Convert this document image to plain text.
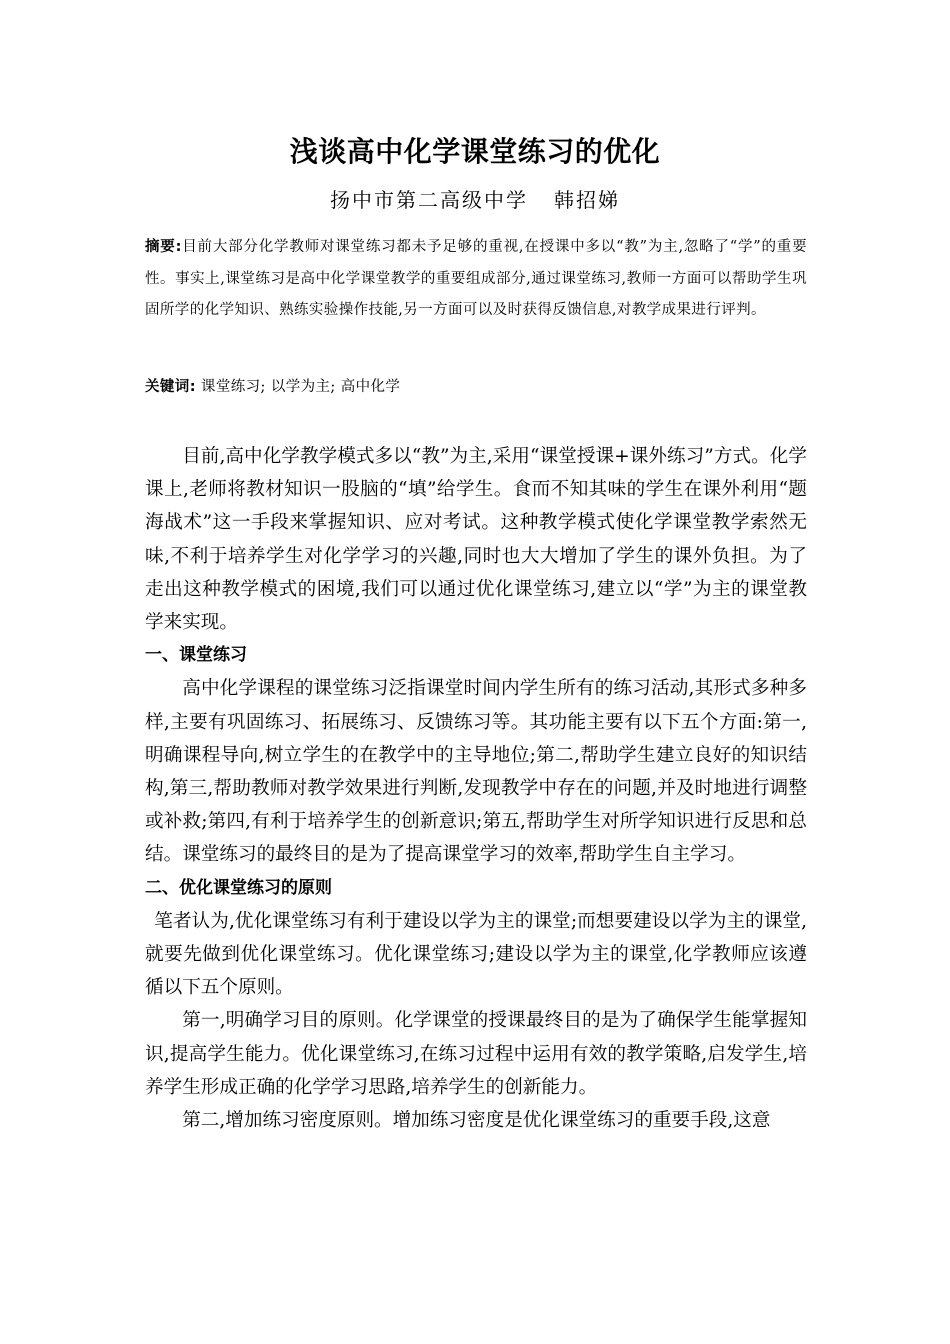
浅谈高中化学课堂练习的优化
扬中市第二高级中学 韩招娣
摘要:目前大部分化学教师对课堂练习都未予足够的重视,在授课中多以“教”为主,忽略了“学”的重要性。事实上,课堂练习是高中化学课堂教学的重要组成部分,通过课堂练习,教师一方面可以帮助学生巩固所学的化学知识、熟练实验操作技能,另一方面可以及时获得反馈信息,对教学成果进行评判。
关键词: 课堂练习; 以学为主; 高中化学

目前,高中化学教学模式多以“教”为主,采用“课堂授课+课外练习”方式。化学课上,老师将教材知识一股脑的“填”给学生。食而不知其味的学生在课外利用“题海战术”这一手段来掌握知识、应对考试。这种教学模式使化学课堂教学索然无味,不利于培养学生对化学学习的兴趣,同时也大大增加了学生的课外负担。为了走出这种教学模式的困境,我们可以通过优化课堂练习,建立以“学”为主的课堂教学来实现。

一、课堂练习

高中化学课程的课堂练习泛指课堂时间内学生所有的练习活动,其形式多种多样,主要有巩固练习、拓展练习、反馈练习等。其功能主要有以下五个方面:第一,明确课程导向,树立学生的在教学中的主导地位;第二,帮助学生建立良好的知识结构,第三,帮助教师对教学效果进行判断,发现教学中存在的问题,并及时地进行调整或补救;第四,有利于培养学生的创新意识;第五,帮助学生对所学知识进行反思和总结。课堂练习的最终目的是为了提高课堂学习的效率,帮助学生自主学习。

二、优化课堂练习的原则

笔者认为,优化课堂练习有利于建设以学为主的课堂;而想要建设以学为主的课堂,就要先做到优化课堂练习。优化课堂练习;建设以学为主的课堂,化学教师应该遵循以下五个原则。

第一,明确学习目的原则。化学课堂的授课最终目的是为了确保学生能掌握知识,提高学生能力。优化课堂练习,在练习过程中运用有效的教学策略,启发学生,培养学生形成正确的化学学习思路,培养学生的创新能力。

第二,增加练习密度原则。增加练习密度是优化课堂练习的重要手段,这意
